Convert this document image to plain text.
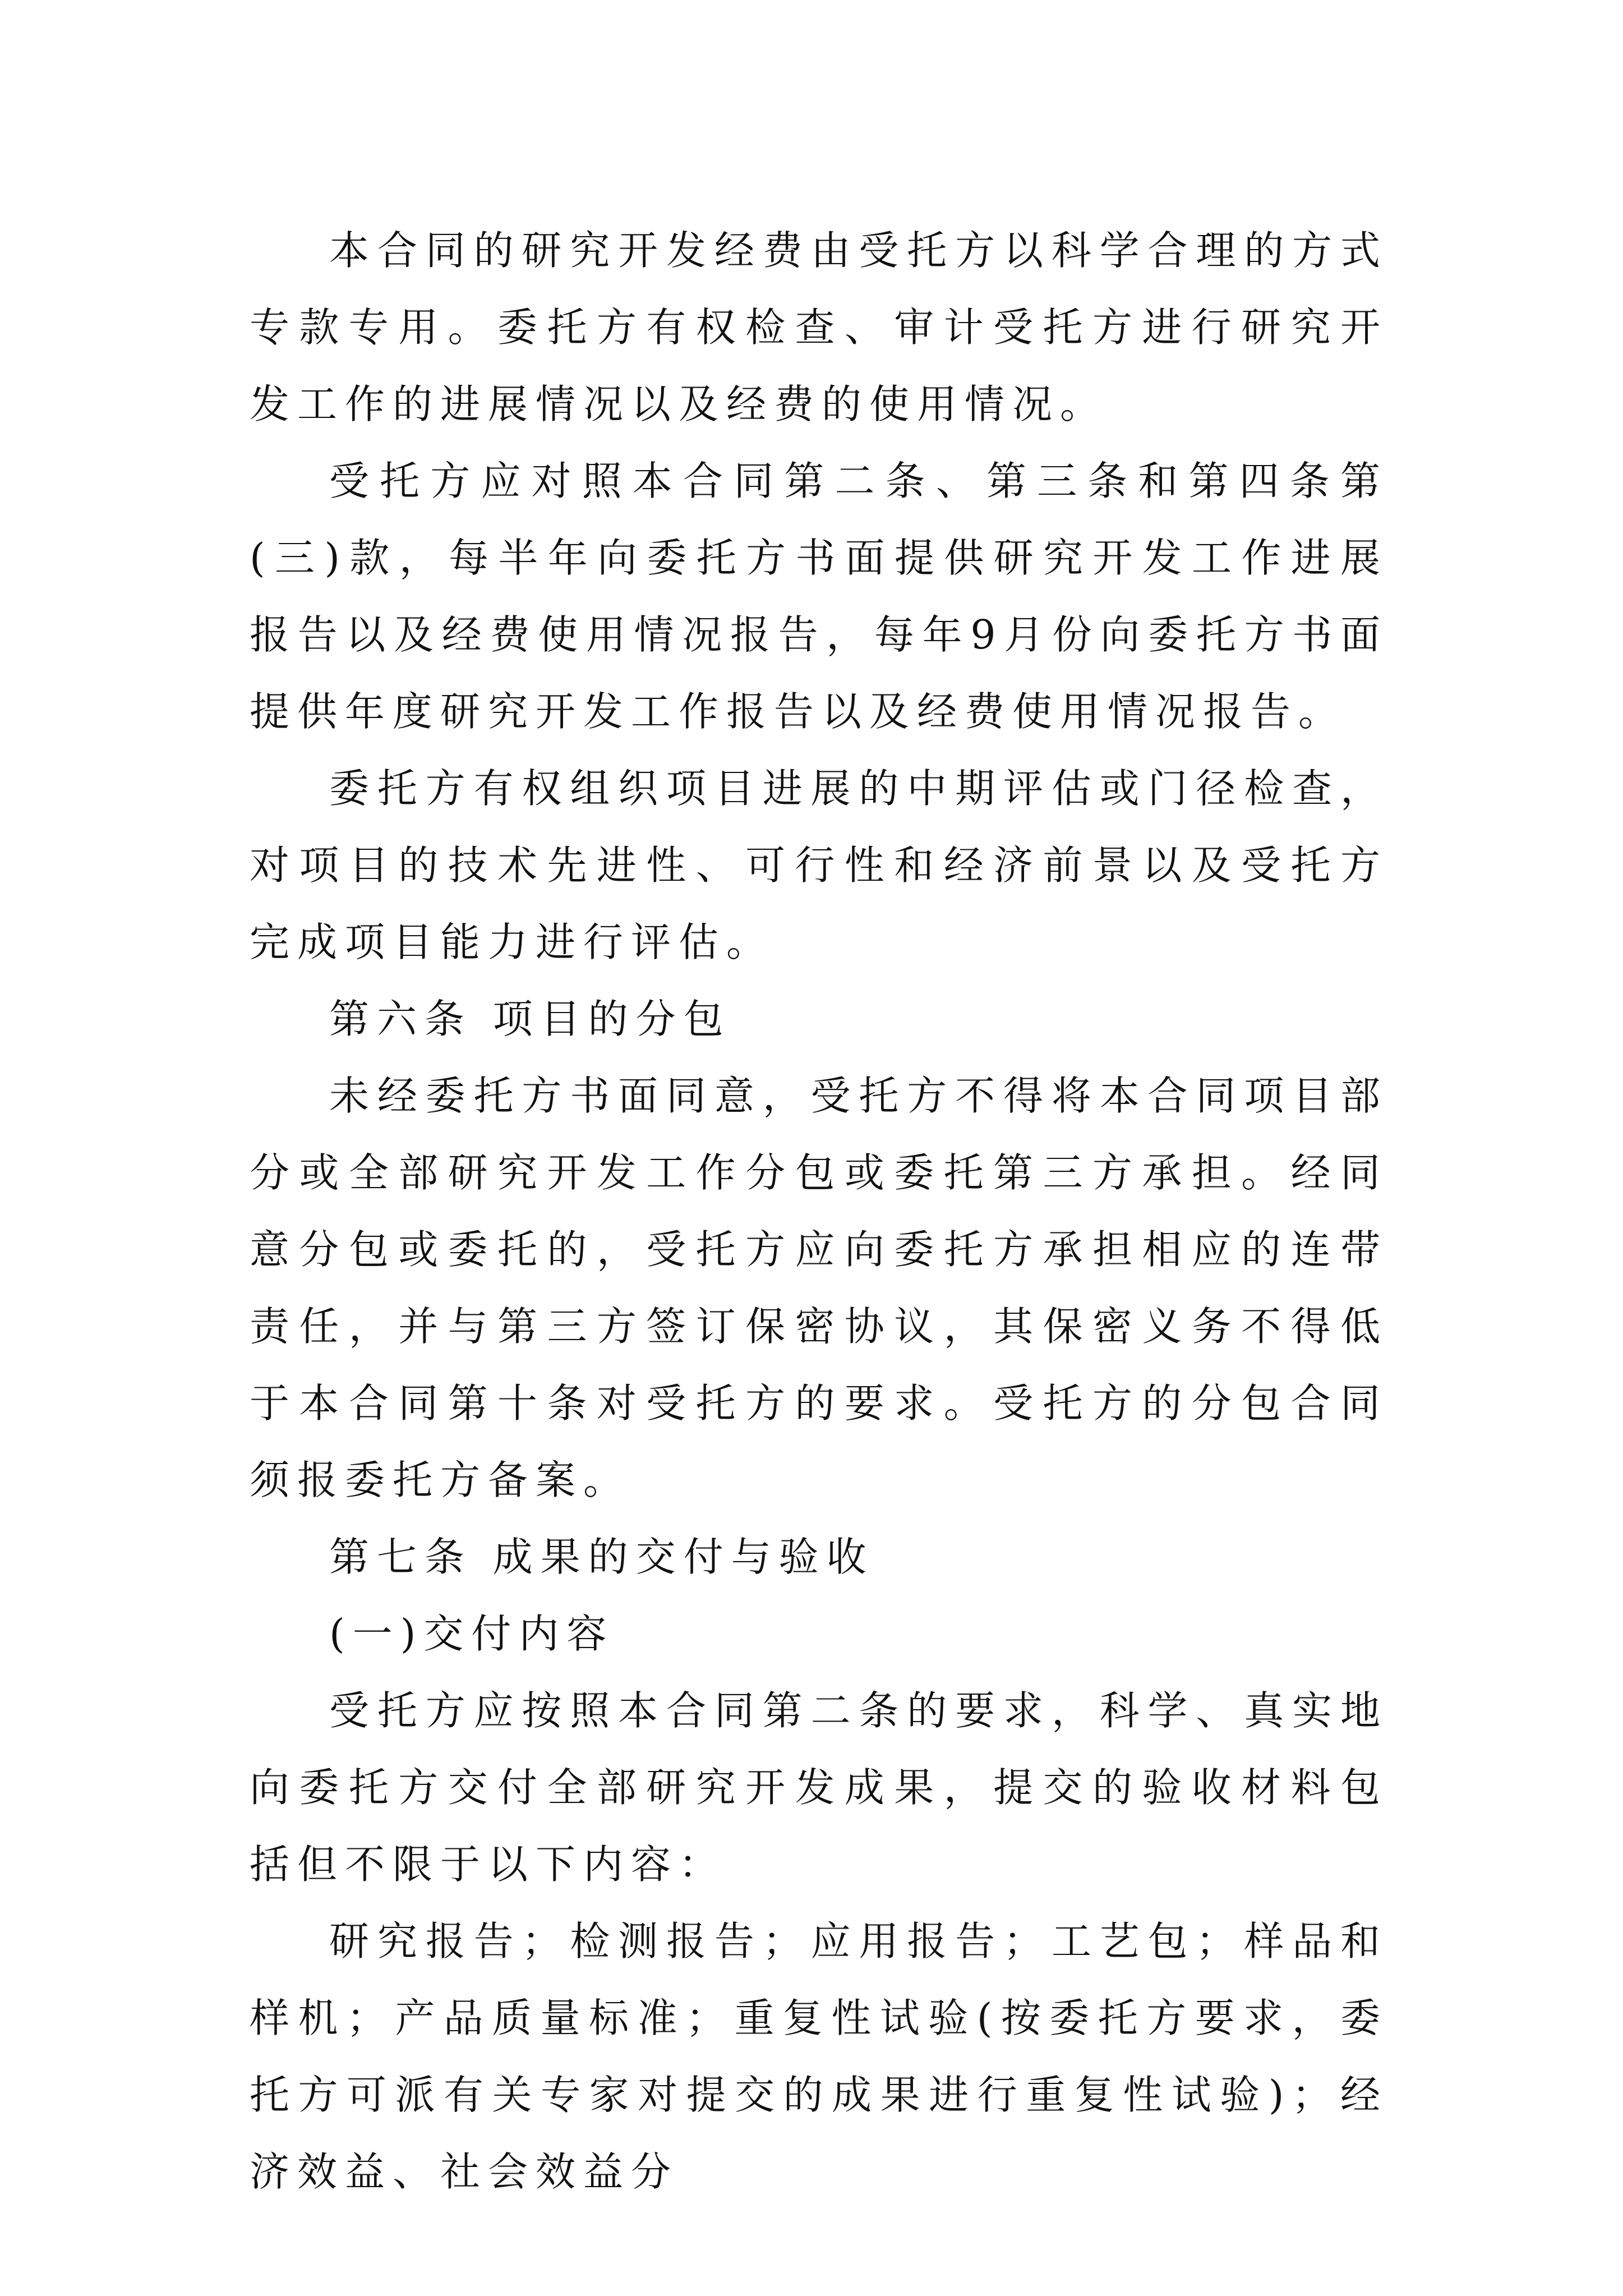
本合同的研究开发经费由受托方以科学合理的方式专款专用。委托方有权检查、审计受托方进行研究开发工作的进展情况以及经费的使用情况。

受托方应对照本合同第二条、第三条和第四条第(三)款，每半年向委托方书面提供研究开发工作进展报告以及经费使用情况报告，每年9月份向委托方书面提供年度研究开发工作报告以及经费使用情况报告。

委托方有权组织项目进展的中期评估或门径检查，对项目的技术先进性、可行性和经济前景以及受托方完成项目能力进行评估。

第六条 项目的分包

未经委托方书面同意，受托方不得将本合同项目部分或全部研究开发工作分包或委托第三方承担。经同意分包或委托的，受托方应向委托方承担相应的连带责任，并与第三方签订保密协议，其保密义务不得低于本合同第十条对受托方的要求。受托方的分包合同须报委托方备案。

第七条 成果的交付与验收

(一)交付内容

受托方应按照本合同第二条的要求，科学、真实地向委托方交付全部研究开发成果，提交的验收材料包括但不限于以下内容：

研究报告；检测报告；应用报告；工艺包；样品和样机；产品质量标准；重复性试验(按委托方要求，委托方可派有关专家对提交的成果进行重复性试验)；经济效益、社会效益分
